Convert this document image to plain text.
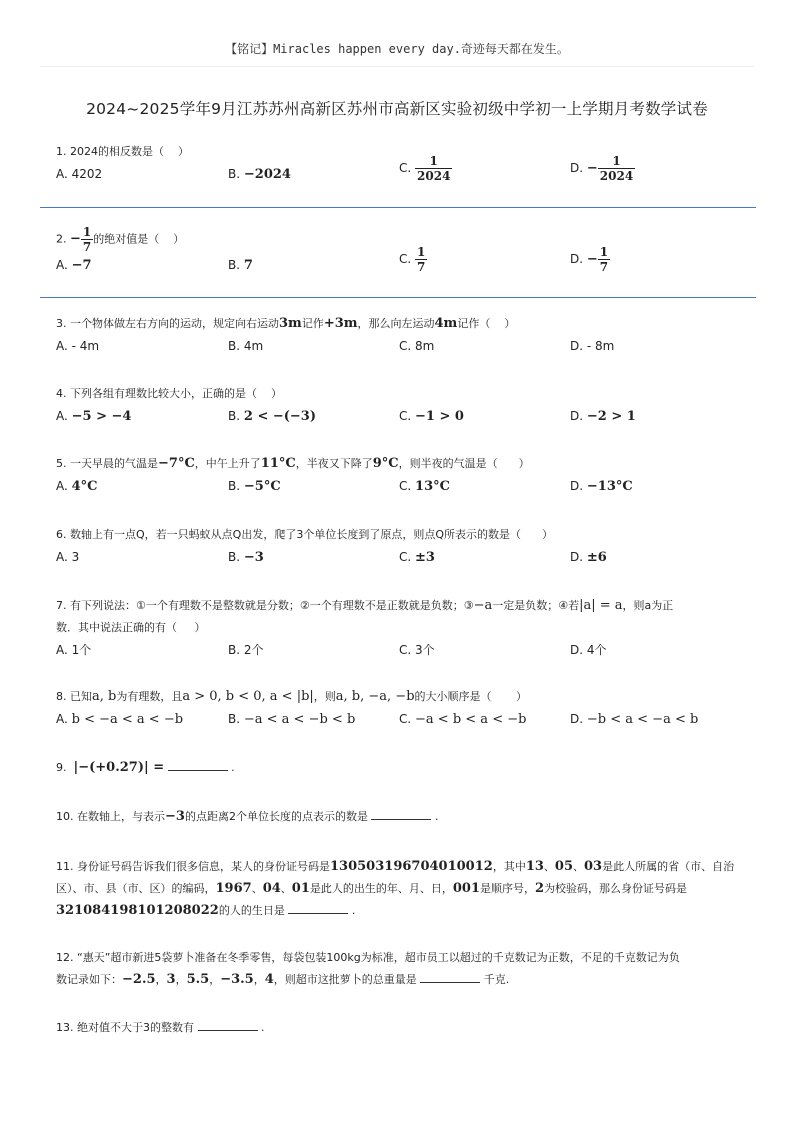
【铭记】Miracles happen every day.奇迹每天都在发生。
2024~2025学年9月江苏苏州高新区苏州市高新区实验初级中学初一上学期月考数学试卷
1. 2024的相反数是（ ）
A. 4202	B. −2024	C. $\frac{1}{2024}$	D. − $\frac{1}{2024}$
2. − $\frac{1}{7}$ 的绝对值是（ ）
A. −7	B. 7	C. $\frac{1}{7}$	D. − $\frac{1}{7}$
3. 一个物体做左右方向的运动，规定向右运动3m记作+3m，那么向左运动4m记作（ ）
A. - 4m	B. 4m	C. 8m	D. - 8m
4. 下列各组有理数比较大小，正确的是（ ）
A. −5 > −4	B. 2 < −(−3)	C. −1 > 0	D. −2 > 1
5. 一天早晨的气温是−7°C，中午上升了11°C，半夜又下降了9°C，则半夜的气温是（ ）
A. 4°C	B. −5°C	C. 13°C	D. −13°C
6. 数轴上有一点Q，若一只蚂蚁从点Q出发，爬了3个单位长度到了原点，则点Q所表示的数是（ ）
A. 3	B. −3	C. ±3	D. ±6
7. 有下列说法：①一个有理数不是整数就是分数；②一个有理数不是正数就是负数；③−a一定是负数；④若|a| = a，则a为正
数．其中说法正确的有（ ）
A. 1个	B. 2个	C. 3个	D. 4个
8. 已知a, b为有理数，且a > 0, b < 0, a < |b|，则a, b, −a, −b的大小顺序是（ ）
A. b < −a < a < −b	B. −a < a < −b < b	C. −a < b < a < −b	D. −b < a < −a < b
9. |−(+0.27)| =	.
10. 在数轴上，与表示−3的点距离2个单位长度的点表示的数是	.
11. 身份证号码告诉我们很多信息，某人的身份证号码是130503196704010012，其中13、05、03是此人所属的省（市、自治
区）、市、县（市、区）的编码，1967、04、01是此人的出生的年、月、日，001是顺序号，2为校验码，那么身份证号码是
321084198101208022的人的生日是	.
12. “惠天”超市新进5袋萝卜准备在冬季零售，每袋包装100kg为标准，超市员工以超过的千克数记为正数，不足的千克数记为负
数记录如下：−2.5，3，5.5，−3.5，4，则超市这批萝卜的总重量是	千克.
13. 绝对值不大于3的整数有	.
